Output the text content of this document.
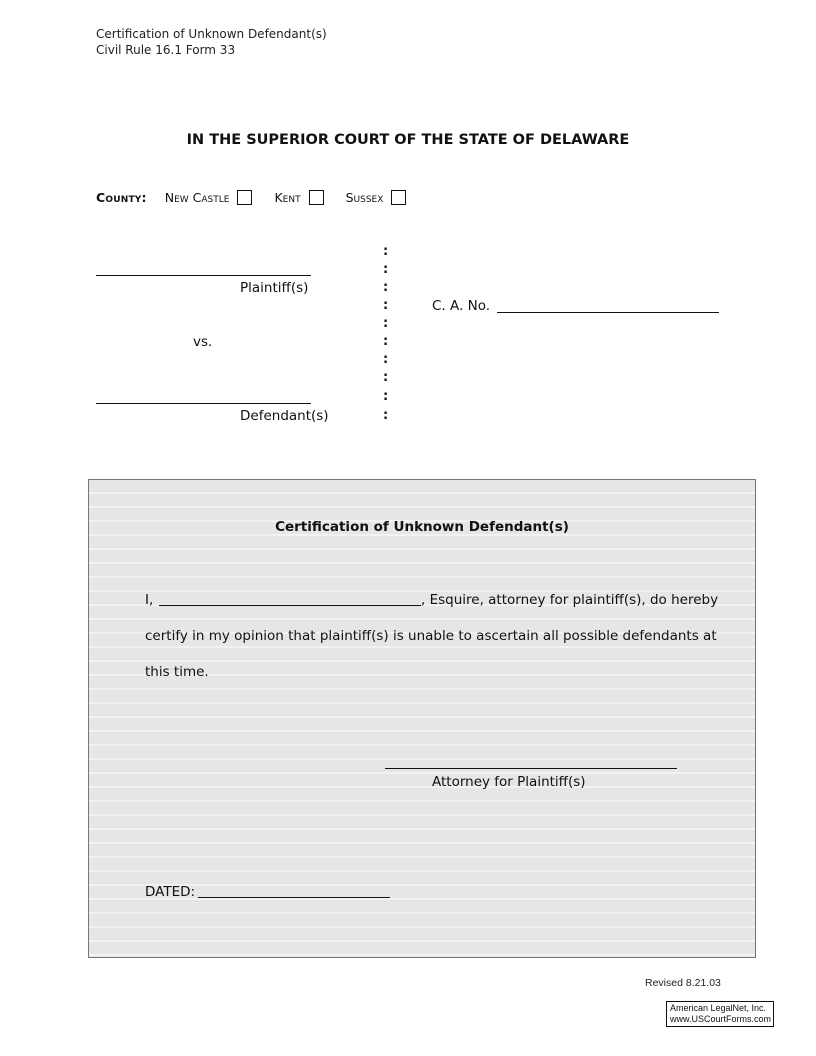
Certification of Unknown Defendant(s)
Civil Rule 16.1 Form 33
IN THE SUPERIOR COURT OF THE STATE OF DELAWARE
County: New Castle	Kent	Sussex
Plaintiff(s)
vs.
Defendant(s)
:
:
:
:
:
:
:
:
:
:
C. A. No.
Certification of Unknown Defendant(s)
I,	, Esquire, attorney for plaintiff(s), do hereby
certify in my opinion that plaintiff(s) is unable to ascertain all possible defendants at
this time.
Attorney for Plaintiff(s)
DATED:
Revised 8.21.03
American LegalNet, Inc.
www.USCourtForms.com
